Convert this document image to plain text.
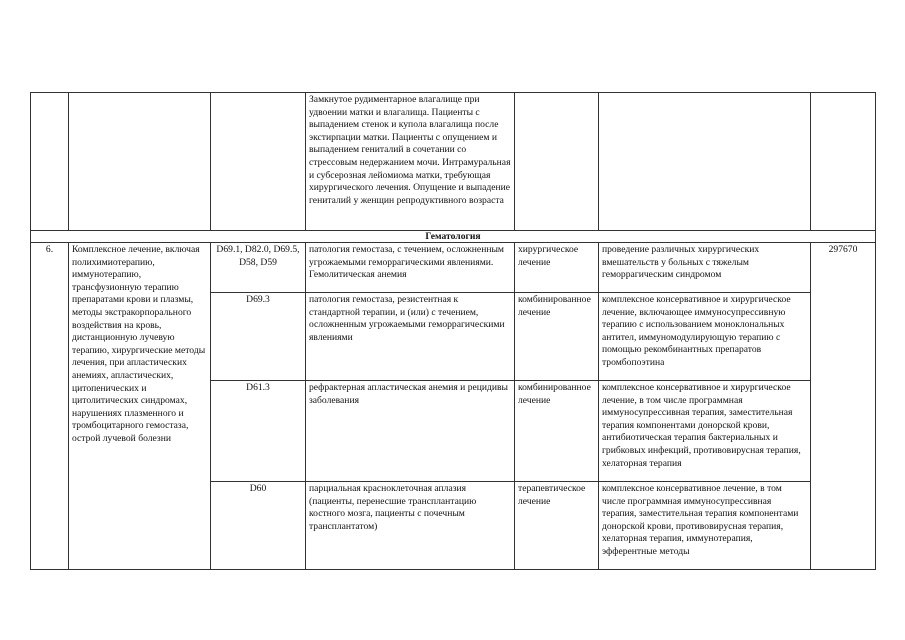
			Замкнутое рудиментарное влагалище при удвоении матки и влагалища. Пациенты с выпадением стенок и купола влагалища после экстирпации матки. Пациенты с опущением и выпадением гениталий в сочетании со стрессовым недержанием мочи. Интрамуральная и субсерозная лейомиома матки, требующая хирургического лечения. Опущение и выпадение гениталий у женщин репродуктивного возраста			
Гематология						
6.	Комплексное лечение, включая полихимиотерапию, иммунотерапию, трансфузионную терапию препаратами крови и плазмы, методы экстракорпорального воздействия на кровь, дистанционную лучевую терапию, хирургические методы лечения, при апластических анемиях, апластических, цитопенических и цитолитических синдромах, нарушениях плазменного и тромбоцитарного гемостаза, острой лучевой болезни	D69.1, D82.0, D69.5, D58, D59	патология гемостаза, с течением, осложненным угрожаемыми геморрагическими явлениями. Гемолитическая анемия	хирургическое лечение	проведение различных хирургических вмешательств у больных с тяжелым геморрагическим синдромом	297670
		D69.3	патология гемостаза, резистентная к стандартной терапии, и (или) с течением, осложненным угрожаемыми геморрагическими явлениями	комбинированное лечение	комплексное консервативное и хирургическое лечение, включающее иммуносупрессивную терапию с использованием моноклональных антител, иммуномодулирующую терапию с помощью рекомбинантных препаратов тромбопоэтина	
		D61.3	рефрактерная апластическая анемия и рецидивы заболевания	комбинированное лечение	комплексное консервативное и хирургическое лечение, в том числе программная иммуносупрессивная терапия, заместительная терапия компонентами донорской крови, антибиотическая терапия бактериальных и грибковых инфекций, противовирусная терапия, хелаторная терапия	
		D60	парциальная красноклеточная аплазия (пациенты, перенесшие трансплантацию костного мозга, пациенты с почечным трансплантатом)	терапевтическое лечение	комплексное консервативное лечение, в том числе программная иммуносупрессивная терапия, заместительная терапия компонентами донорской крови, противовирусная терапия, хелаторная терапия, иммунотерапия, эфферентные методы	
